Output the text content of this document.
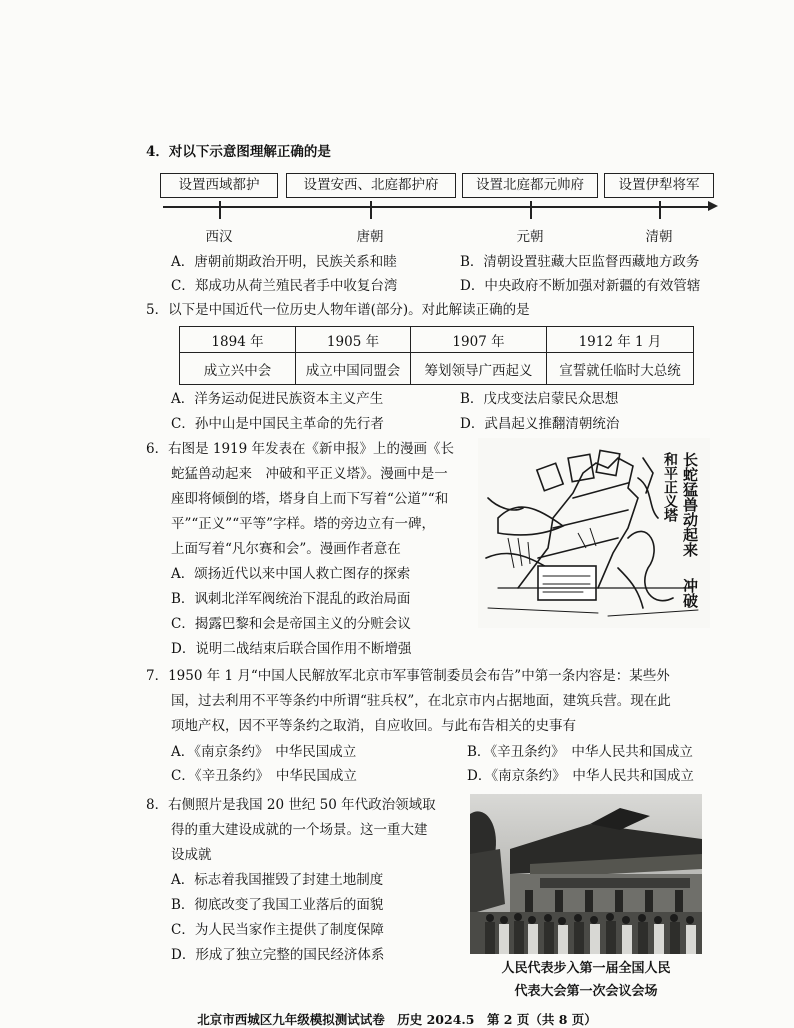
4．对以下示意图理解正确的是
设置西域都护	设置安西、北庭都护府	设置北庭都元帅府	设置伊犁将军
西汉	唐朝	元朝	清朝
A．唐朝前期政治开明，民族关系和睦	B．清朝设置驻藏大臣监督西藏地方政务
C．郑成功从荷兰殖民者手中收复台湾	D．中央政府不断加强对新疆的有效管辖
5．以下是中国近代一位历史人物年谱(部分)。对此解读正确的是
1894 年	1905 年	1907 年	1912 年 1 月
成立兴中会	成立中国同盟会	筹划领导广西起义	宣誓就任临时大总统
A．洋务运动促进民族资本主义产生	B．戊戌变法启蒙民众思想
C．孙中山是中国民主革命的先行者	D．武昌起义推翻清朝统治
6．右图是 1919 年发表在《新申报》上的漫画《长
蛇猛兽动起来　冲破和平正义塔》。漫画中是一
座即将倾倒的塔，塔身自上而下写着“公道”“和
平”“正义”“平等”字样。塔的旁边立有一碑，
上面写着“凡尔赛和会”。漫画作者意在
A．颂扬近代以来中国人救亡图存的探索
B．讽刺北洋军阀统治下混乱的政治局面
C．揭露巴黎和会是帝国主义的分赃会议
D．说明二战结束后联合国作用不断增强
长蛇猛兽动起来
和平正义塔
冲破
7．1950 年 1 月“中国人民解放军北京市军事管制委员会布告”中第一条内容是：某些外
国，过去利用不平等条约中所谓“驻兵权”，在北京市内占据地面，建筑兵营。现在此
项地产权，因不平等条约之取消，自应收回。与此布告相关的史事有
A．《南京条约》　中华民国成立	B．《辛丑条约》　中华人民共和国成立
C．《辛丑条约》　中华民国成立	D．《南京条约》　中华人民共和国成立
8．右侧照片是我国 20 世纪 50 年代政治领域取
得的重大建设成就的一个场景。这一重大建
设成就
A．标志着我国摧毁了封建土地制度
B．彻底改变了我国工业落后的面貌
C．为人民当家作主提供了制度保障
D．形成了独立完整的国民经济体系
人民代表步入第一届全国人民
代表大会第一次会议会场
北京市西城区九年级模拟测试试卷　历史 2024.5　第 2 页（共 8 页）
